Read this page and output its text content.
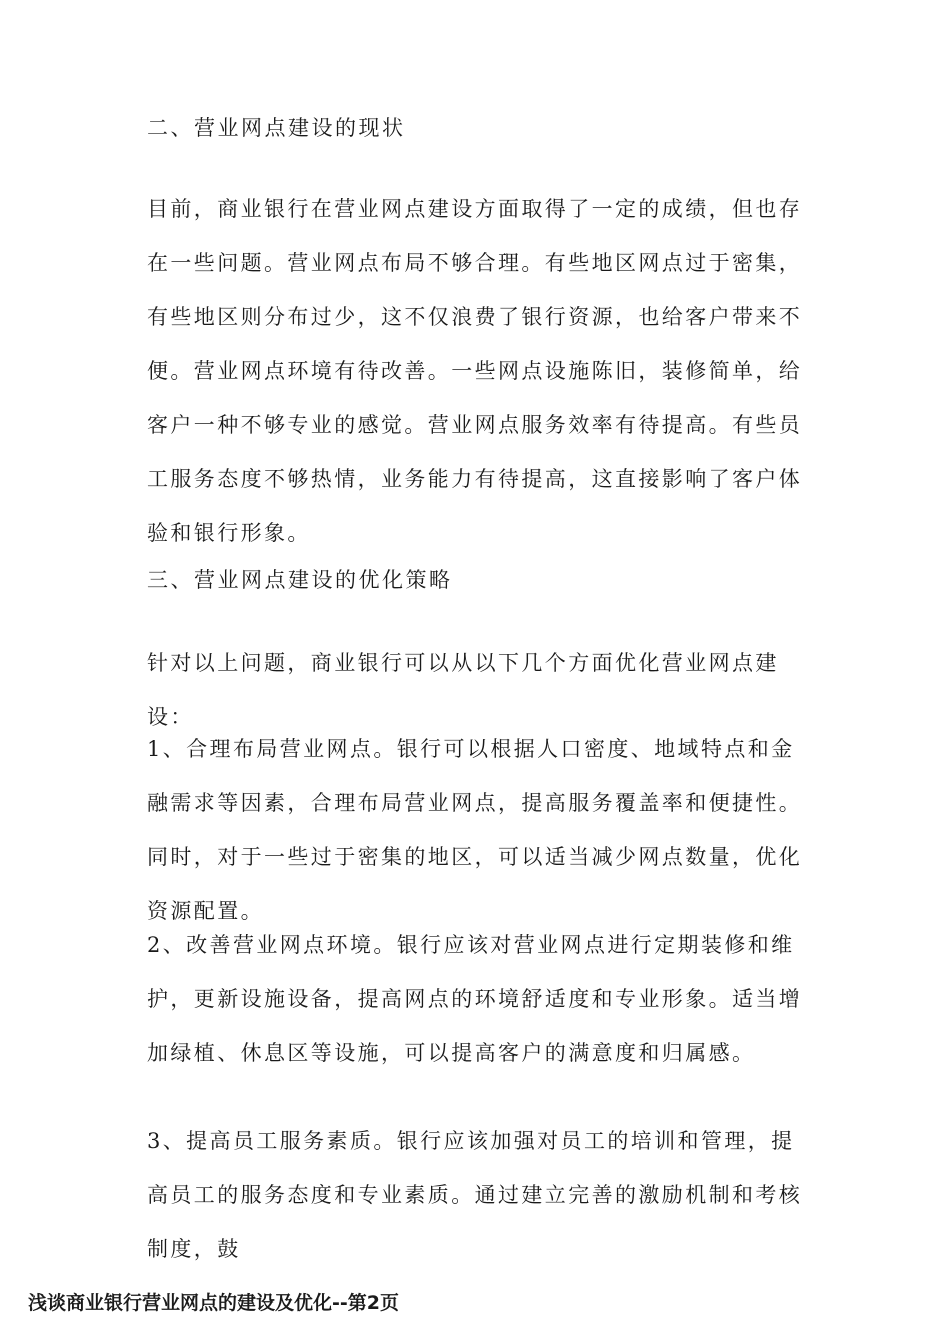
二、营业网点建设的现状
目前，商业银行在营业网点建设方面取得了一定的成绩，但也存在一些问题。营业网点布局不够合理。有些地区网点过于密集，有些地区则分布过少，这不仅浪费了银行资源，也给客户带来不便。营业网点环境有待改善。一些网点设施陈旧，装修简单，给客户一种不够专业的感觉。营业网点服务效率有待提高。有些员工服务态度不够热情，业务能力有待提高，这直接影响了客户体验和银行形象。
三、营业网点建设的优化策略
针对以上问题，商业银行可以从以下几个方面优化营业网点建设：
1、合理布局营业网点。银行可以根据人口密度、地域特点和金融需求等因素，合理布局营业网点，提高服务覆盖率和便捷性。同时，对于一些过于密集的地区，可以适当减少网点数量，优化资源配置。
2、改善营业网点环境。银行应该对营业网点进行定期装修和维护，更新设施设备，提高网点的环境舒适度和专业形象。适当增加绿植、休息区等设施，可以提高客户的满意度和归属感。
3、提高员工服务素质。银行应该加强对员工的培训和管理，提高员工的服务态度和专业素质。通过建立完善的激励机制和考核制度，鼓
浅谈商业银行营业网点的建设及优化--第2页
